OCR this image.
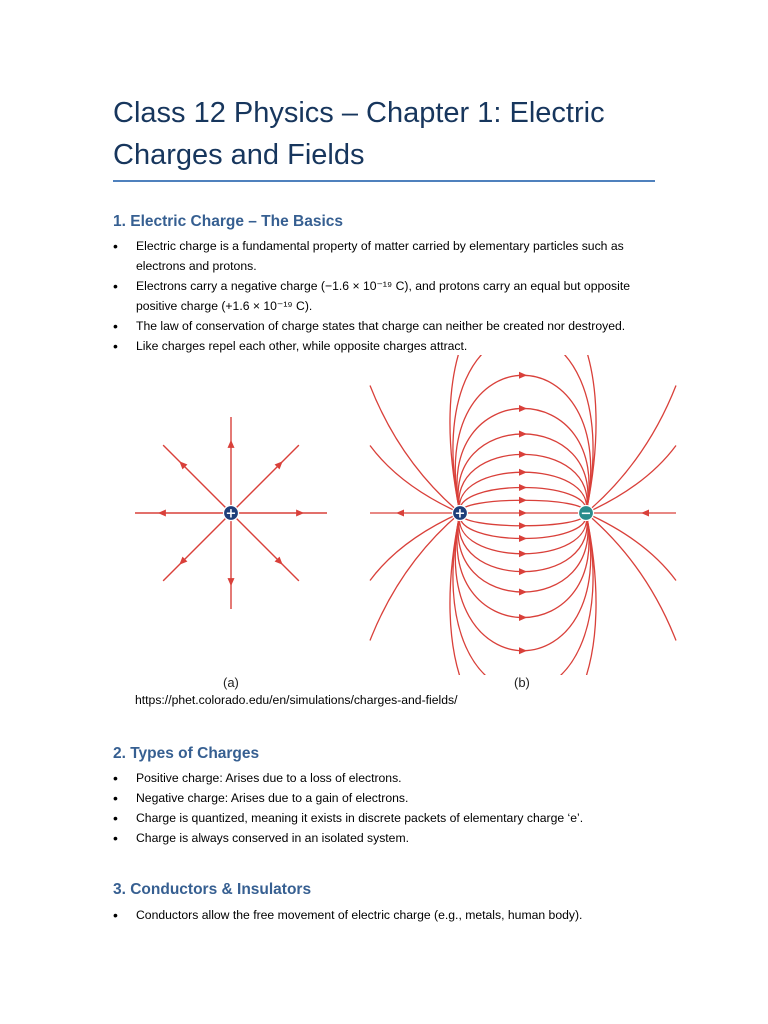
Class 12 Physics – Chapter 1: Electric Charges and Fields
1. Electric Charge – The Basics
• Electric charge is a fundamental property of matter carried by elementary particles such as electrons and protons.
• Electrons carry a negative charge (−1.6 × 10⁻¹⁹ C), and protons carry an equal but opposite positive charge (+1.6 × 10⁻¹⁹ C).
• The law of conservation of charge states that charge can neither be created nor destroyed.
• Like charges repel each other, while opposite charges attract.
+	+	−
(a)	(b)
https://phet.colorado.edu/en/simulations/charges-and-fields/
2. Types of Charges
• Positive charge: Arises due to a loss of electrons.
• Negative charge: Arises due to a gain of electrons.
• Charge is quantized, meaning it exists in discrete packets of elementary charge ‘e’.
• Charge is always conserved in an isolated system.
3. Conductors & Insulators
• Conductors allow the free movement of electric charge (e.g., metals, human body).
